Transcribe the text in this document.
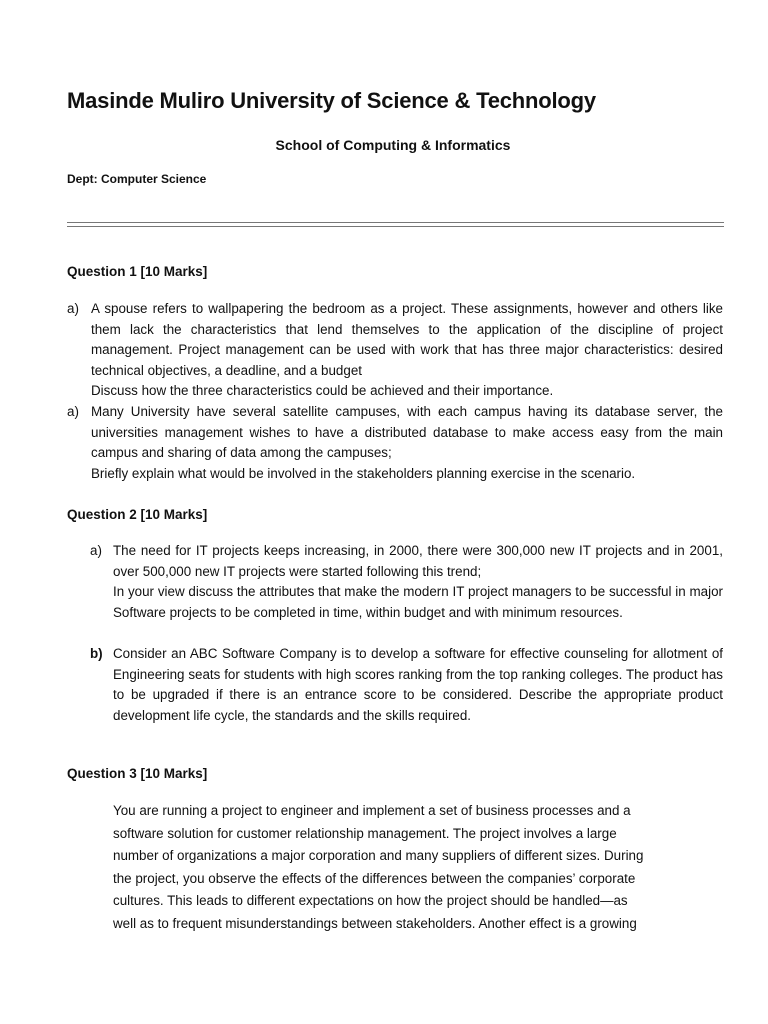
Masinde Muliro University of Science & Technology
School of Computing & Informatics
Dept: Computer Science
Question 1 [10 Marks]
a) A spouse refers to wallpapering the bedroom as a project. These assignments, however and others like them lack the characteristics that lend themselves to the application of the discipline of project management. Project management can be used with work that has three major characteristics: desired technical objectives, a deadline, and a budget
Discuss how the three characteristics could be achieved and their importance.
a) Many University have several satellite campuses, with each campus having its database server, the universities management wishes to have a distributed database to make access easy from the main campus and sharing of data among the campuses;
Briefly explain what would be involved in the stakeholders planning exercise in the scenario.
Question 2 [10 Marks]
a) The need for IT projects keeps increasing, in 2000, there were 300,000 new IT projects and in 2001, over 500,000 new IT projects were started following this trend;
In your view discuss the attributes that make the modern IT project managers to be successful in major Software projects to be completed in time, within budget and with minimum resources.
b) Consider an ABC Software Company is to develop a software for effective counseling for allotment of Engineering seats for students with high scores ranking from the top ranking colleges. The product has to be upgraded if there is an entrance score to be considered. Describe the appropriate product development life cycle, the standards and the skills required.
Question 3 [10 Marks]
You are running a project to engineer and implement a set of business processes and a
software solution for customer relationship management. The project involves a large
number of organizations a major corporation and many suppliers of different sizes. During
the project, you observe the effects of the differences between the companies’ corporate
cultures. This leads to different expectations on how the project should be handled—as
well as to frequent misunderstandings between stakeholders. Another effect is a growing
